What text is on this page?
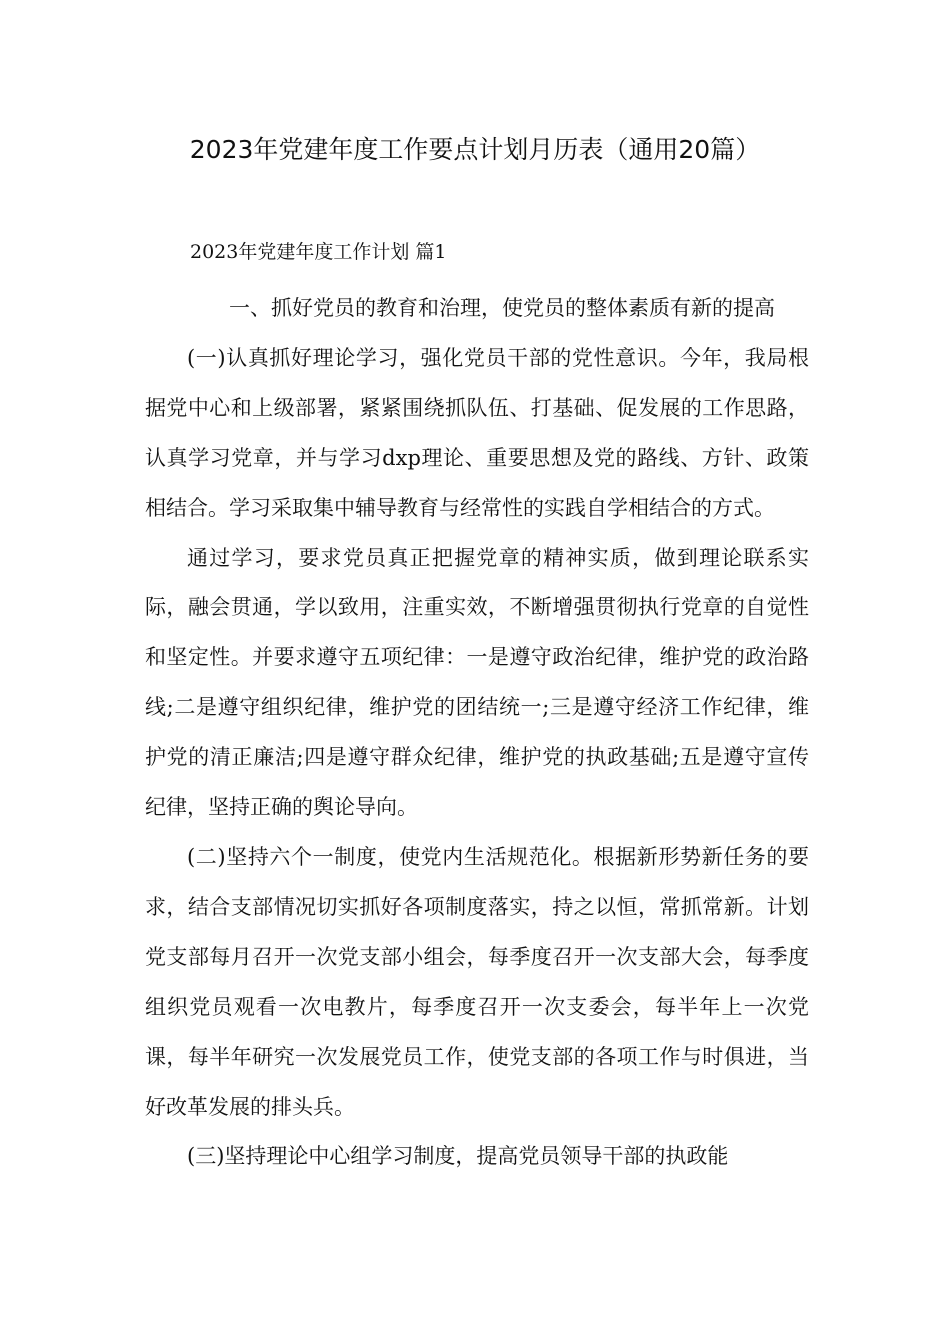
2023年党建年度工作要点计划月历表（通用20篇）
2023年党建年度工作计划 篇1

一、抓好党员的教育和治理，使党员的整体素质有新的提高

(一)认真抓好理论学习，强化党员干部的党性意识。今年，我局根据党中心和上级部署，紧紧围绕抓队伍、打基础、促发展的工作思路，认真学习党章，并与学习dxp理论、重要思想及党的路线、方针、政策相结合。学习采取集中辅导教育与经常性的实践自学相结合的方式。

通过学习，要求党员真正把握党章的精神实质，做到理论联系实际，融会贯通，学以致用，注重实效，不断增强贯彻执行党章的自觉性和坚定性。并要求遵守五项纪律：一是遵守政治纪律，维护党的政治路线;二是遵守组织纪律，维护党的团结统一;三是遵守经济工作纪律，维护党的清正廉洁;四是遵守群众纪律，维护党的执政基础;五是遵守宣传纪律，坚持正确的舆论导向。

(二)坚持六个一制度，使党内生活规范化。根据新形势新任务的要求，结合支部情况切实抓好各项制度落实，持之以恒，常抓常新。计划党支部每月召开一次党支部小组会，每季度召开一次支部大会，每季度组织党员观看一次电教片，每季度召开一次支委会，每半年上一次党课，每半年研究一次发展党员工作，使党支部的各项工作与时俱进，当好改革发展的排头兵。

(三)坚持理论中心组学习制度，提高党员领导干部的执政能
